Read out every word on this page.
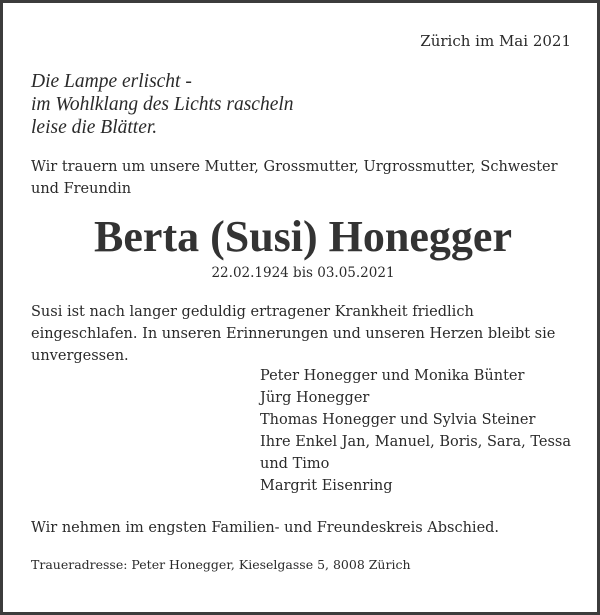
Zürich im Mai 2021
Die Lampe erlischt -
im Wohlklang des Lichts rascheln
leise die Blätter.
Wir trauern um unsere Mutter, Grossmutter, Urgrossmutter, Schwester und Freundin
Berta (Susi) Honegger
22.02.1924 bis 03.05.2021
Susi ist nach langer geduldig ertragener Krankheit friedlich eingeschlafen. In unseren Erinnerungen und unseren Herzen bleibt sie unvergessen.
Peter Honegger und Monika Bünter
Jürg Honegger
Thomas Honegger und Sylvia Steiner
Ihre Enkel Jan, Manuel, Boris, Sara, Tessa
und Timo
Margrit Eisenring
Wir nehmen im engsten Familien- und Freundeskreis Abschied.
Traueradresse: Peter Honegger, Kieselgasse 5, 8008 Zürich
